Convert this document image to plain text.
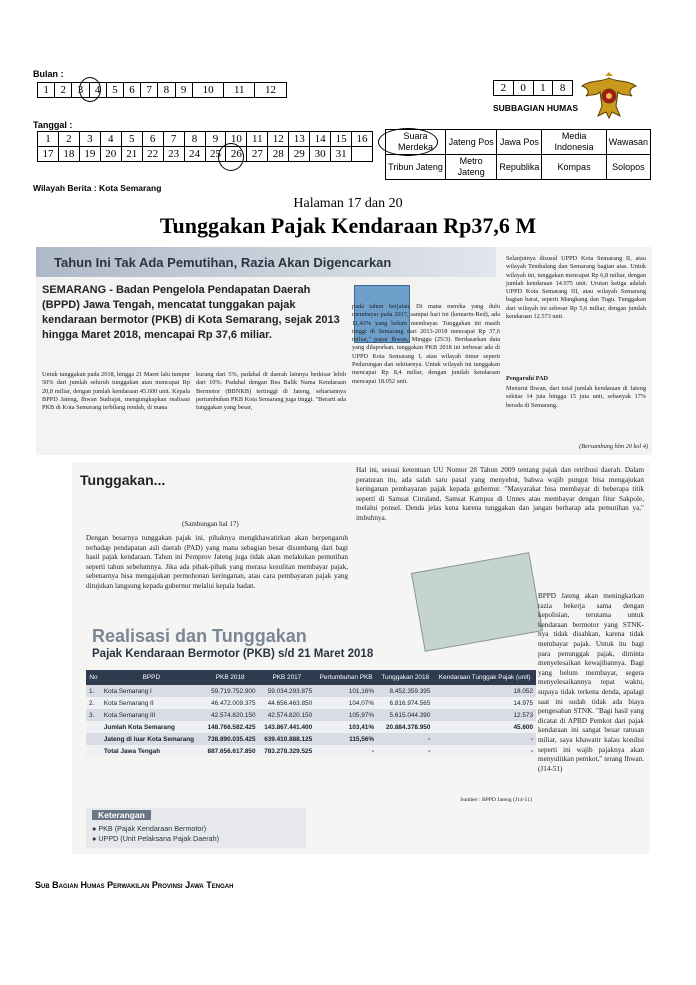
Bulan :
1	2	3	4	5	6	7	8	9	10	11	12	2	0	1	8
SUBBAGIAN HUMAS
Tanggal :
1	2	3	4	5	6	7	8	9	10	11	12	13	14	15	16
17	18	19	20	21	22	23	24	25	26	27	28	29	30	31	
Suara Merdeka	Jateng Pos	Jawa Pos	Media Indonesia	Wawasan
Tribun Jateng	Metro Jateng	Republika	Kompas	Solopos
Wilayah Berita : Kota Semarang
Halaman 17 dan 20
Tunggakan Pajak Kendaraan Rp37,6 M
Tahun Ini Tak Ada Pemutihan, Razia Akan Digencarkan
SEMARANG - Badan Pengelola Pendapatan Daerah (BPPD) Jawa Tengah, mencatat tunggakan pajak kendaraan bermotor (PKB) di Kota Semarang, sejak 2013 hingga Maret 2018, mencapai Rp 37,6 miliar.
Untuk tunggakan pada 2018, hingga 21 Maret lalu tumpur 50% dari jumlah seluruh tunggakan atau mencapai Rp 20,8 miliar, dengan jumlah kendaraan 45.600 unit. Kepala BPPD Jateng, Ihwan Sudrajat, mengungkapkan realisasi PKB di Kota Semarang terbilang rendah, di mana
kurang dari 5%, padahal di daerah lainnya berkisar lebih dari 10%. Padahal dengan Bea Balik Nama Kendaraan Bermotor (BBNKB) tertinggi di Jateng, sehariannya pertumbuhan PKB Kota Semarang juga tinggi. "Berarti ada tunggakan yang besar,
pada tahun berjalan. Di mana mereka yang dulu membayar pada 2017, sampai hari ini (kemarin-Red), ada 11,43% yang belum membayar. Tunggakan ini masih tinggi di Semarang dari 2013-2018 mencapai Rp 37,6 miliar," papar Ihwan, Minggu (25/3). Berdasarkan data yang dilaporkan, tunggakan PKB 2018 ini terbesar ada di UPPD Kota Semarang I, atau wilayah timur seperti Pedurungan dan sekitarnya. Untuk wilayah ini tunggakan mencapai Rp 8,4 miliar, dengan jumlah kendaraan mencapai 18.052 unit.
Selanjutnya disusul UPPD Kota Semarang II, atau wilayah Tembalang dan Semarang bagian atas. Untuk wilayah ini, tunggakan mencapai Rp 6,8 miliar, dengan jumlah kendaraan 14.975 unit. Urutan ketiga adalah UPPD Kota Semarang III, atau wilayah Semarang bagian barat, seperti Mangkang dan Tugu. Tunggakan dari wilayah ini sebesar Rp 5,6 miliar, dengan jumlah kendaraan 12.573 unit.
Pengaruhi PAD
Menurut Ihwan, dari total jumlah kendaraan di Jateng sekitar 14 juta hingga 15 juta unit, sebanyak 17% berada di Semarang.
(Bersambung hlm 20 kol 4)
Tunggakan...
(Sambungan hal 17)
Dengan besarnya tunggakan pajak ini, pihaknya mengkhawatirkan akan berpengaruh terhadap pendapatan asli daerah (PAD) yang mana sebagian besar disumbang dari bagi hasil pajak kendaraan. Tahun ini Pemprov Jateng juga tidak akan melakukan pemutihan seperti tahun sebelumnya. Jika ada pihak-pihak yang merasa kesulitan membayar pajak, sebenarnya bisa mengajukan permohonan keringanan, atau cara pembayaran pajak yang ditujukan langsung kepada gubernur melalui kepala badan.
Hal ini, sesuai ketentuan UU Nomor 28 Tahun 2009 tentang pajak dan retribusi daerah. Dalam peraturan itu, ada salah satu pasal yang menyebut, bahwa wajib pungut bisa mengajukan keringanan pembayaran pajak kepada gubernur. "Masyarakat bisa membayar di beberapa titik seperti di Samsat Citraland, Samsat Kampus di Unnes atau membayar dengan fitur Sakpole, melalui ponsel. Denda jelas kena karena tunggakan dan jangan berharap ada pemutihan ya," imbuhnya.
BPPD Jateng akan meningkatkan razia bekerja sama dengan kepolisian, terutama untuk kendaraan bermotor yang STNK-nya tidak disahkan, karena tidak membayar pajak. Untuk itu bagi para penunggak pajak, diminta menyelesaikan kewajibannya. Bagi yang belum membayar, segera menyelesaikannya tepat waktu, supaya tidak terkena denda, apalagi saat ini sudah tidak ada biaya pengesahan STNK. "Bagi hasil yang dicatat di APBD Pemkot dari pajak kendaraan ini sangat besar ratusan miliar, saya khawatir kalau kondisi seperti ini wajib pajaknya akan menyulitkan pemkot," terang Ihwan. (J14-51)
Realisasi dan Tunggakan
Pajak Kendaraan Bermotor (PKB) s/d 21 Maret 2018
No	BPPD	PKB 2018	PKB 2017	Pertumbuhan PKB	Tunggakan 2018	Kendaraan Tunggak Pajak (unit)
1.	Kota Semarang I	59.719.752.900	59.034.293.875	101,16%	8.452.359.395	18.052
2.	Kota Semarang II	46.472.009.375	44.656.463.850	104,07%	6.816.974.565	14.975
3.	Kota Semarang III	42.574.820.150	42.574.820.150	105,97%	5.615.044.390	12.573
	Jumlah Kota Semarang	148.766.582.425	143.867.441.400	103,41%	20.884.378.950	45.600
	Jateng di luar Kota Semarang	738.890.035.425	639.410.888.125	115,56%	-	-
	Total Jawa Tengah	887.656.617.850	783.278.329.525	-	-	-
Sumber : BPPD Jateng (J14-51)
Keterangan
● PKB (Pajak Kendaraan Bermotor)
● UPPD (Unit Pelaksana Pajak Daerah)
Sub Bagian Humas Perwakilan Provinsi Jawa Tengah
